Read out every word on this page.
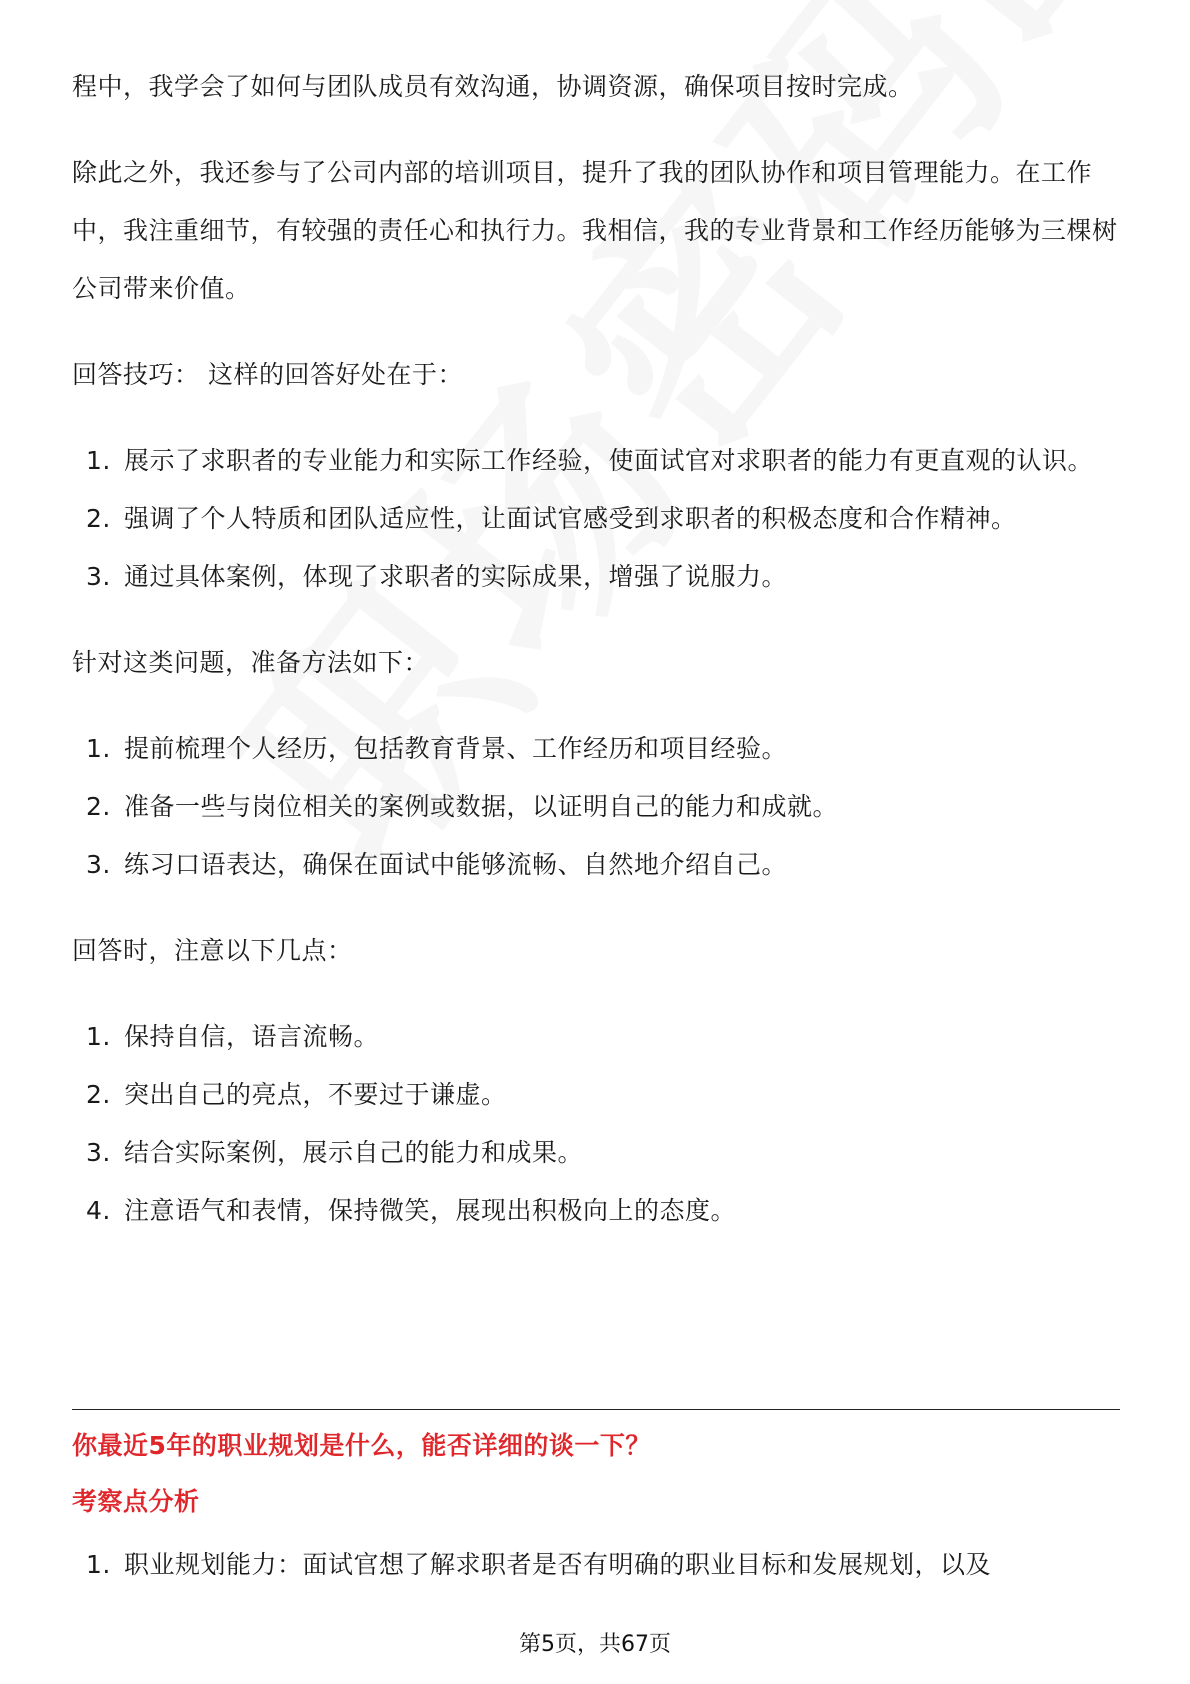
程中，我学会了如何与团队成员有效沟通，协调资源，确保项目按时完成。

除此之外，我还参与了公司内部的培训项目，提升了我的团队协作和项目管理能力。在工作中，我注重细节，有较强的责任心和执行力。我相信，我的专业背景和工作经历能够为三棵树公司带来价值。

回答技巧： 这样的回答好处在于：

1. 展示了求职者的专业能力和实际工作经验，使面试官对求职者的能力有更直观的认识。
2. 强调了个人特质和团队适应性，让面试官感受到求职者的积极态度和合作精神。
3. 通过具体案例，体现了求职者的实际成果，增强了说服力。

针对这类问题，准备方法如下：

1. 提前梳理个人经历，包括教育背景、工作经历和项目经验。
2. 准备一些与岗位相关的案例或数据，以证明自己的能力和成就。
3. 练习口语表达，确保在面试中能够流畅、自然地介绍自己。

回答时，注意以下几点：

1. 保持自信，语言流畅。
2. 突出自己的亮点，不要过于谦虚。
3. 结合实际案例，展示自己的能力和成果。
4. 注意语气和表情，保持微笑，展现出积极向上的态度。
你最近5年的职业规划是什么，能否详细的谈一下？
考察点分析
1. 职业规划能力：面试官想了解求职者是否有明确的职业目标和发展规划，以及
第5页，共67页
